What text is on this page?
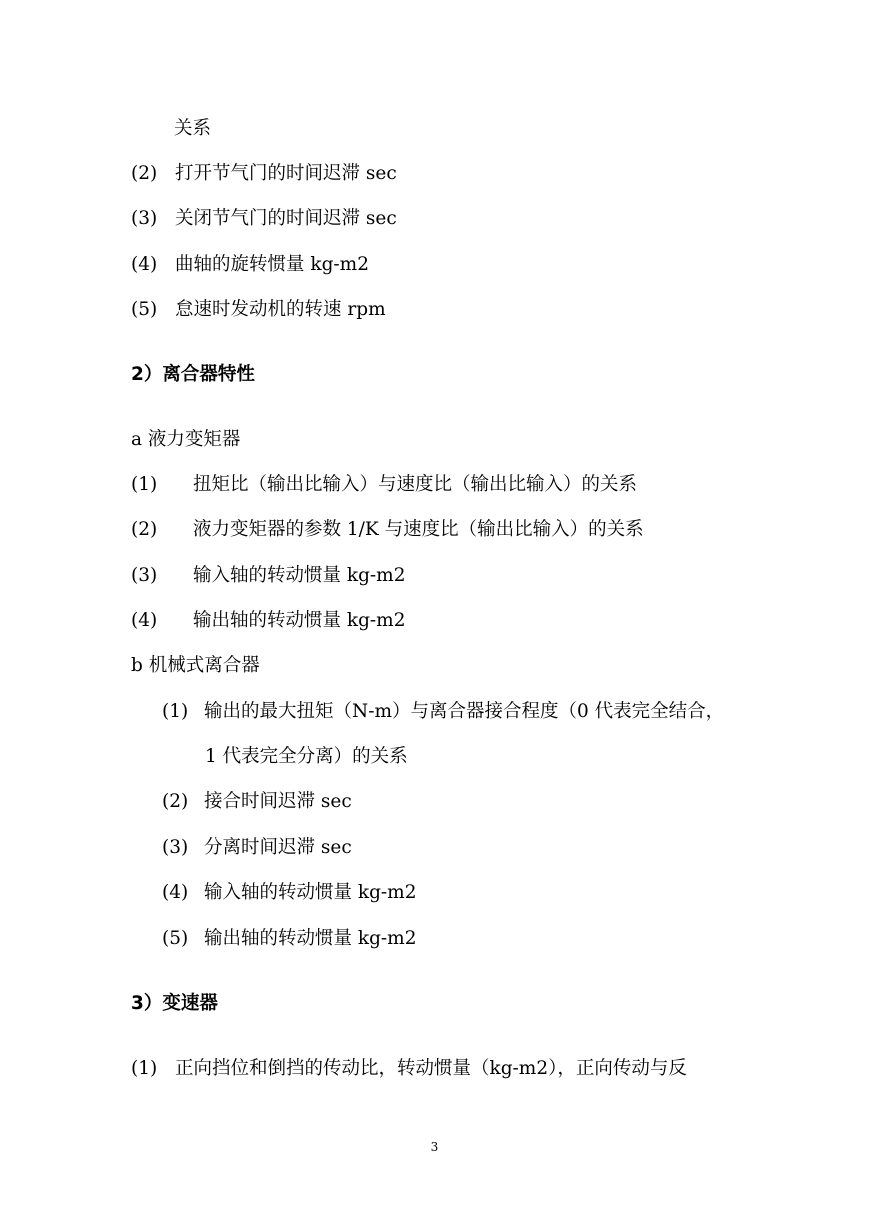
关系
(2) 打开节气门的时间迟滞 sec
(3) 关闭节气门的时间迟滞 sec
(4) 曲轴的旋转惯量 kg-m2
(5) 怠速时发动机的转速 rpm
2）离合器特性
a 液力变矩器
(1) 扭矩比（输出比输入）与速度比（输出比输入）的关系
(2) 液力变矩器的参数 1/K 与速度比（输出比输入）的关系
(3) 输入轴的转动惯量 kg-m2
(4) 输出轴的转动惯量 kg-m2
b 机械式离合器
(1) 输出的最大扭矩（N-m）与离合器接合程度（0 代表完全结合，
1 代表完全分离）的关系
(2) 接合时间迟滞 sec
(3) 分离时间迟滞 sec
(4) 输入轴的转动惯量 kg-m2
(5) 输出轴的转动惯量 kg-m2
3）变速器
(1) 正向挡位和倒挡的传动比，转动惯量（kg-m2），正向传动与反
3
